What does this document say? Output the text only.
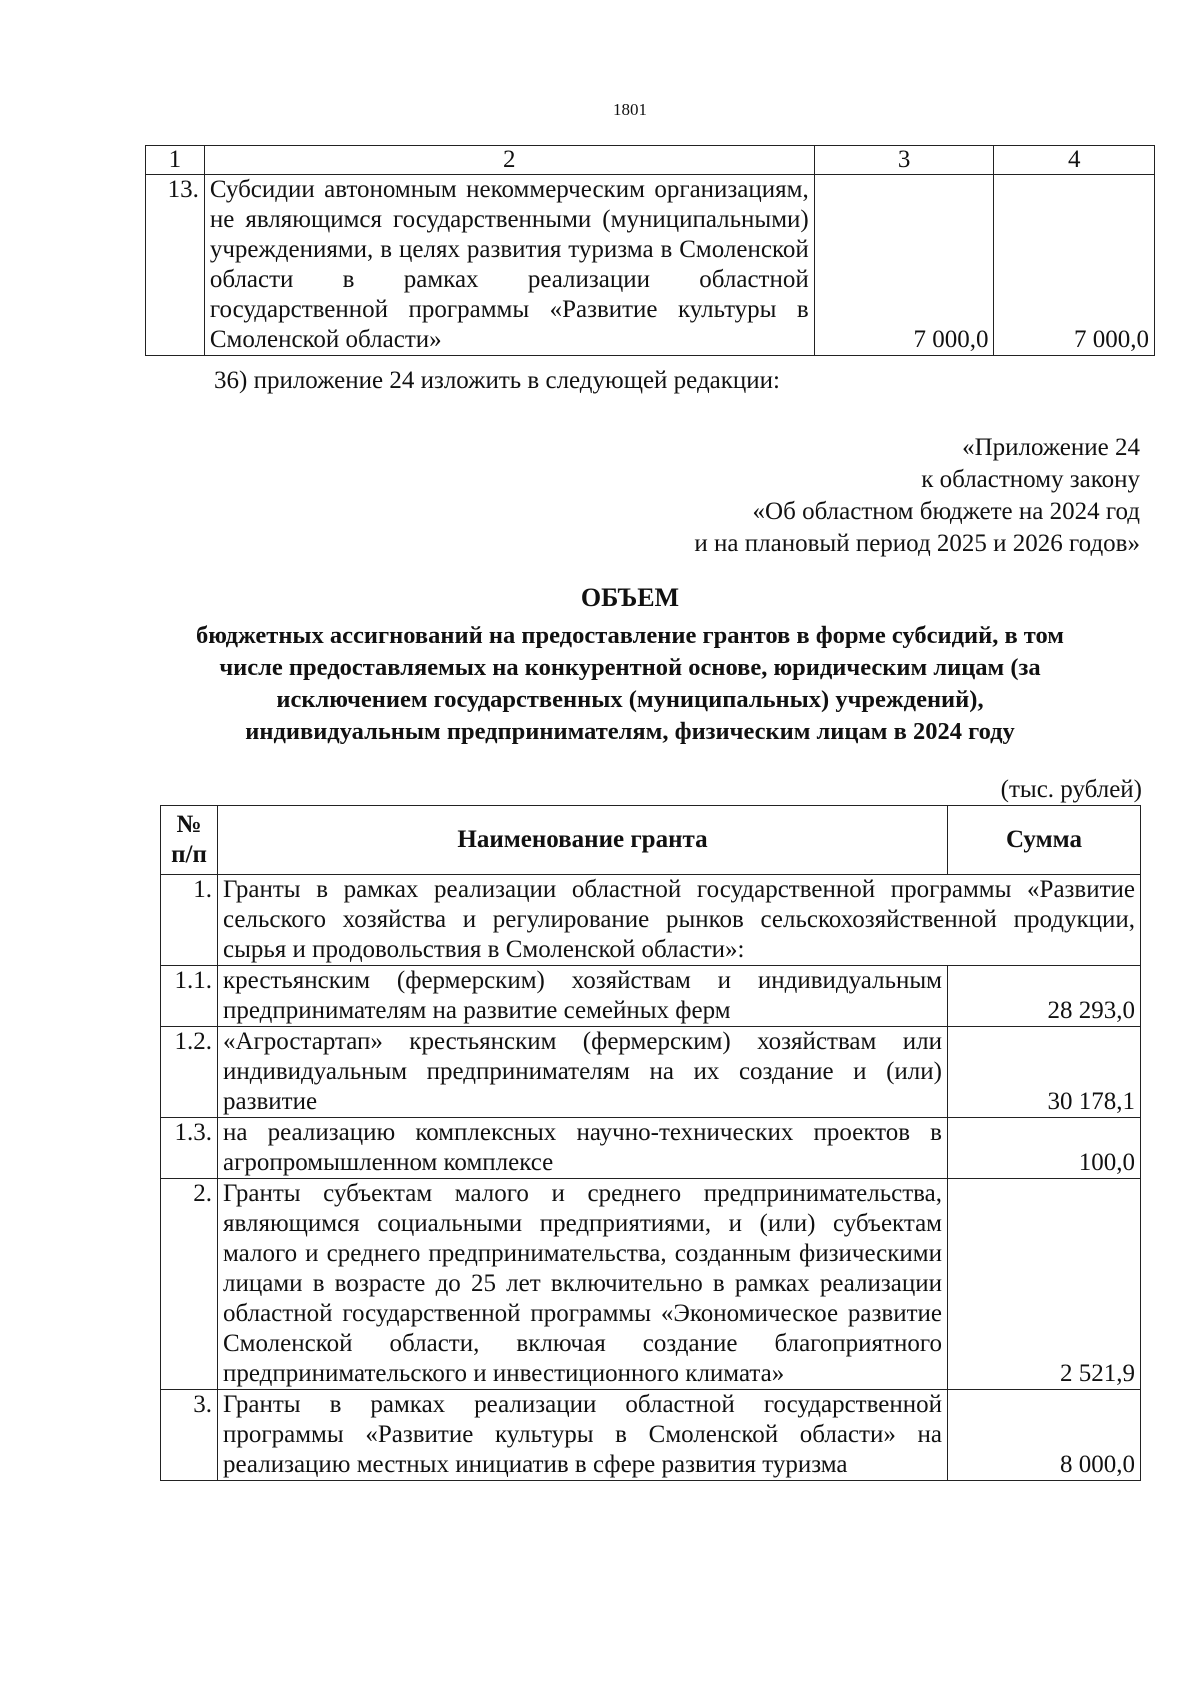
1801
1	2	3	4
13.	Субсидии автономным некоммерческим организациям, не являющимся государственными (муниципальными) учреждениями, в целях развития туризма в Смоленской области в рамках реализации областной государственной программы «Развитие культуры в Смоленской области»	7 000,0	7 000,0
36) приложение 24 изложить в следующей редакции:
«Приложение 24
к областному закону
«Об областном бюджете на 2024 год
и на плановый период 2025 и 2026 годов»
ОБЪЕМ
бюджетных ассигнований на предоставление грантов в форме субсидий, в том
числе предоставляемых на конкурентной основе, юридическим лицам (за
исключением государственных (муниципальных) учреждений),
индивидуальным предпринимателям, физическим лицам в 2024 году
(тыс. рублей)
№
п/п	Наименование гранта	Сумма
1.	Гранты в рамках реализации областной государственной программы «Развитие сельского хозяйства и регулирование рынков сельскохозяйственной продукции, сырья и продовольствия в Смоленской области»:	
1.1.	крестьянским (фермерским) хозяйствам и индивидуальным предпринимателям на развитие семейных ферм	28 293,0
1.2.	«Агростартап» крестьянским (фермерским) хозяйствам или индивидуальным предпринимателям на их создание и (или) развитие	30 178,1
1.3.	на реализацию комплексных научно-технических проектов в агропромышленном комплексе	100,0
2.	Гранты субъектам малого и среднего предпринимательства, являющимся социальными предприятиями, и (или) субъектам малого и среднего предпринимательства, созданным физическими лицами в возрасте до 25 лет включительно в рамках реализации областной государственной программы «Экономическое развитие Смоленской области, включая создание благоприятного предпринимательского и инвестиционного климата»	2 521,9
3.	Гранты в рамках реализации областной государственной программы «Развитие культуры в Смоленской области» на реализацию местных инициатив в сфере развития туризма	8 000,0
